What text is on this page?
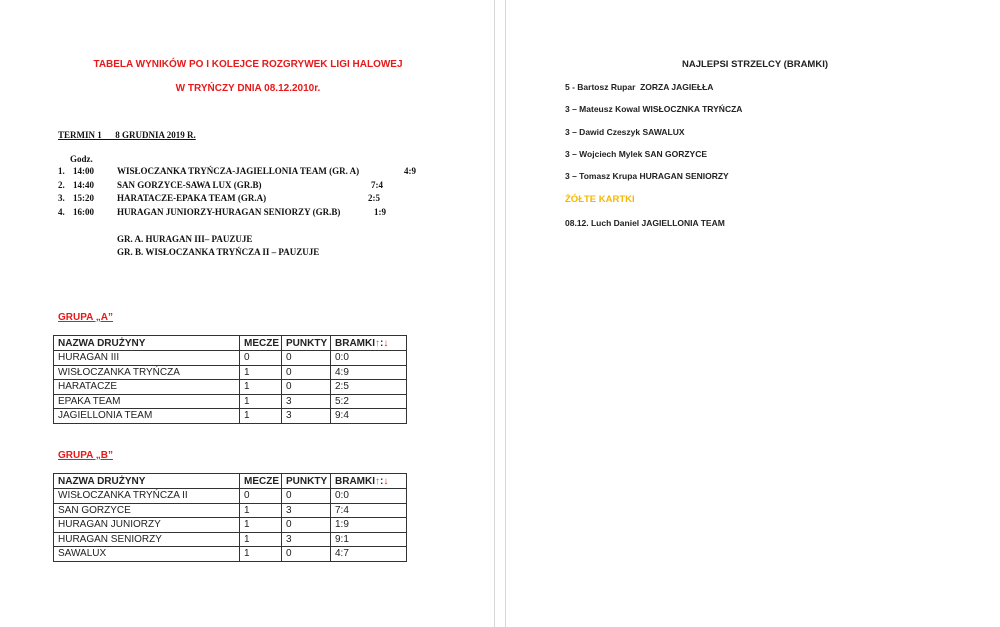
TABELA WYNIKÓW PO I KOLEJCE ROZGRYWEK LIGI HALOWEJ
W TRYŃCZY DNIA 08.12.2010r.
TERMIN 1      8 GRUDNIA 2019 R.
Godz.
1. 14:00	WISŁOCZANKA TRYŃCZA-JAGIELLONIA TEAM (GR. A)	4:9
2. 14:40	SAN GORZYCE-SAWA LUX (GR.B)	7:4
3. 15:20	HARATACZE-EPAKA TEAM (GR.A)	2:5
4. 16:00	HURAGAN JUNIORZY-HURAGAN SENIORZY (GR.B)	1:9
GR. A. HURAGAN III– PAUZUJE
GR. B. WISŁOCZANKA TRYŃCZA II – PAUZUJE
GRUPA „A”
NAZWA DRUŻYNY	MECZE	PUNKTY	BRAMKI↑:↓
HURAGAN III	0	0	0:0
WISŁOCZANKA TRYŃCZA	1	0	4:9
HARATACZE	1	0	2:5
EPAKA TEAM	1	3	5:2
JAGIELLONIA TEAM	1	3	9:4
GRUPA „B”
NAZWA DRUŻYNY	MECZE	PUNKTY	BRAMKI↑:↓
WISŁOCZANKA TRYŃCZA II	0	0	0:0
SAN GORZYCE	1	3	7:4
HURAGAN JUNIORZY	1	0	1:9
HURAGAN SENIORZY	1	3	9:1
SAWALUX	1	0	4:7
NAJLEPSI STRZELCY (BRAMKI)
5 - Bartosz Rupar  ZORZA JAGIEŁŁA
3 – Mateusz Kowal WISŁOCZNKA TRYŃCZA
3 – Dawid Czeszyk SAWALUX
3 – Wojciech Mylek SAN GORZYCE
3 – Tomasz Krupa HURAGAN SENIORZY
ŻÓŁTE KARTKI
08.12. Luch Daniel JAGIELLONIA TEAM
